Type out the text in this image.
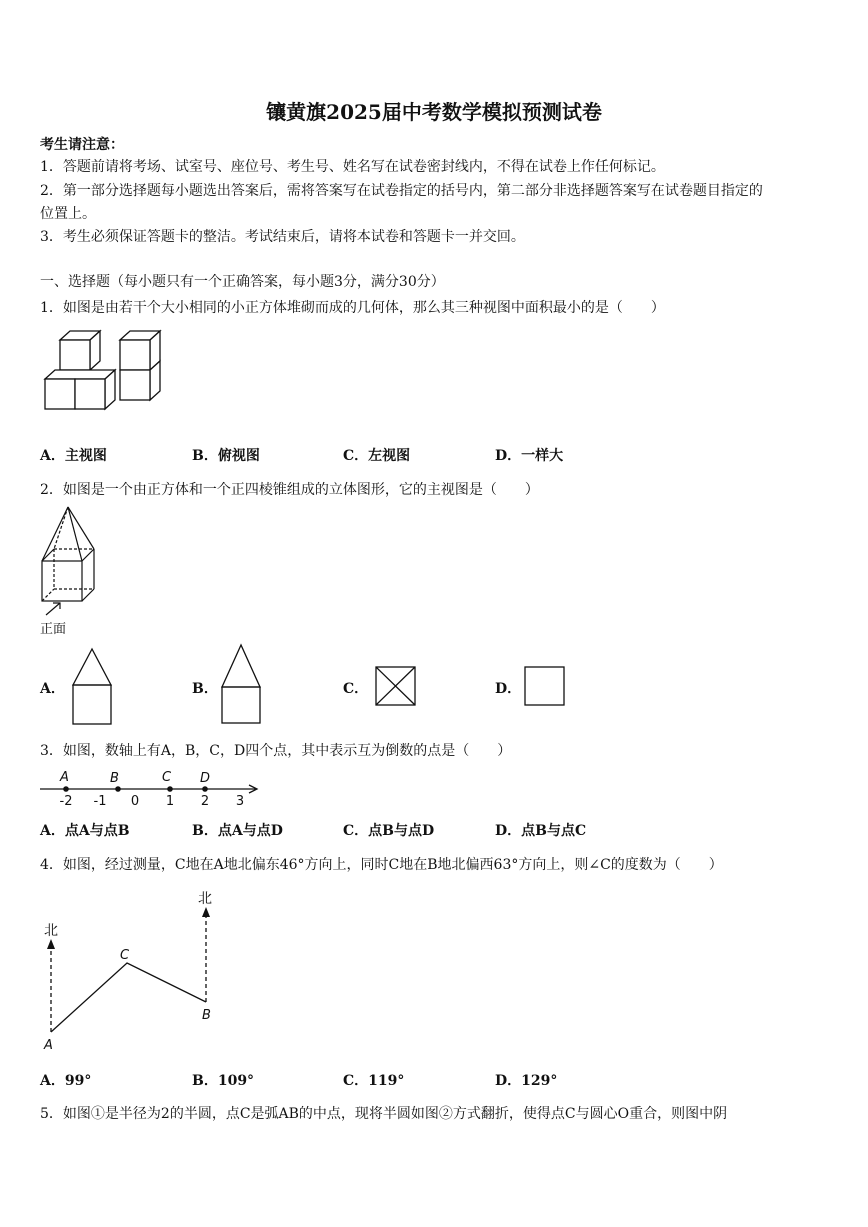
镶黄旗2025届中考数学模拟预测试卷
考生请注意：
1．答题前请将考场、试室号、座位号、考生号、姓名写在试卷密封线内，不得在试卷上作任何标记。
2．第一部分选择题每小题选出答案后，需将答案写在试卷指定的括号内，第二部分非选择题答案写在试卷题目指定的
位置上。
3．考生必须保证答题卡的整洁。考试结束后，请将本试卷和答题卡一并交回。
一、选择题（每小题只有一个正确答案，每小题3分，满分30分）
1．如图是由若干个大小相同的小正方体堆砌而成的几何体，那么其三种视图中面积最小的是（　　）
A．主视图	B．俯视图	C．左视图	D．一样大
2．如图是一个由正方体和一个正四棱锥组成的立体图形，它的主视图是（　　）
正面
A．	B．	C．	D．
3．如图，数轴上有A，B，C，D四个点，其中表示互为倒数的点是（　　）
A	B	C D
-2 -1 0 1 2 3
A．点A与点B	B．点A与点D	C．点B与点D	D．点B与点C
4．如图，经过测量，C地在A地北偏东46°方向上，同时C地在B地北偏西63°方向上，则∠C的度数为（　　）
北
北
A
B
C
A．99°	B．109°	C．119°	D．129°
5．如图①是半径为2的半圆，点C是弧AB的中点，现将半圆如图②方式翻折，使得点C与圆心O重合，则图中阴
